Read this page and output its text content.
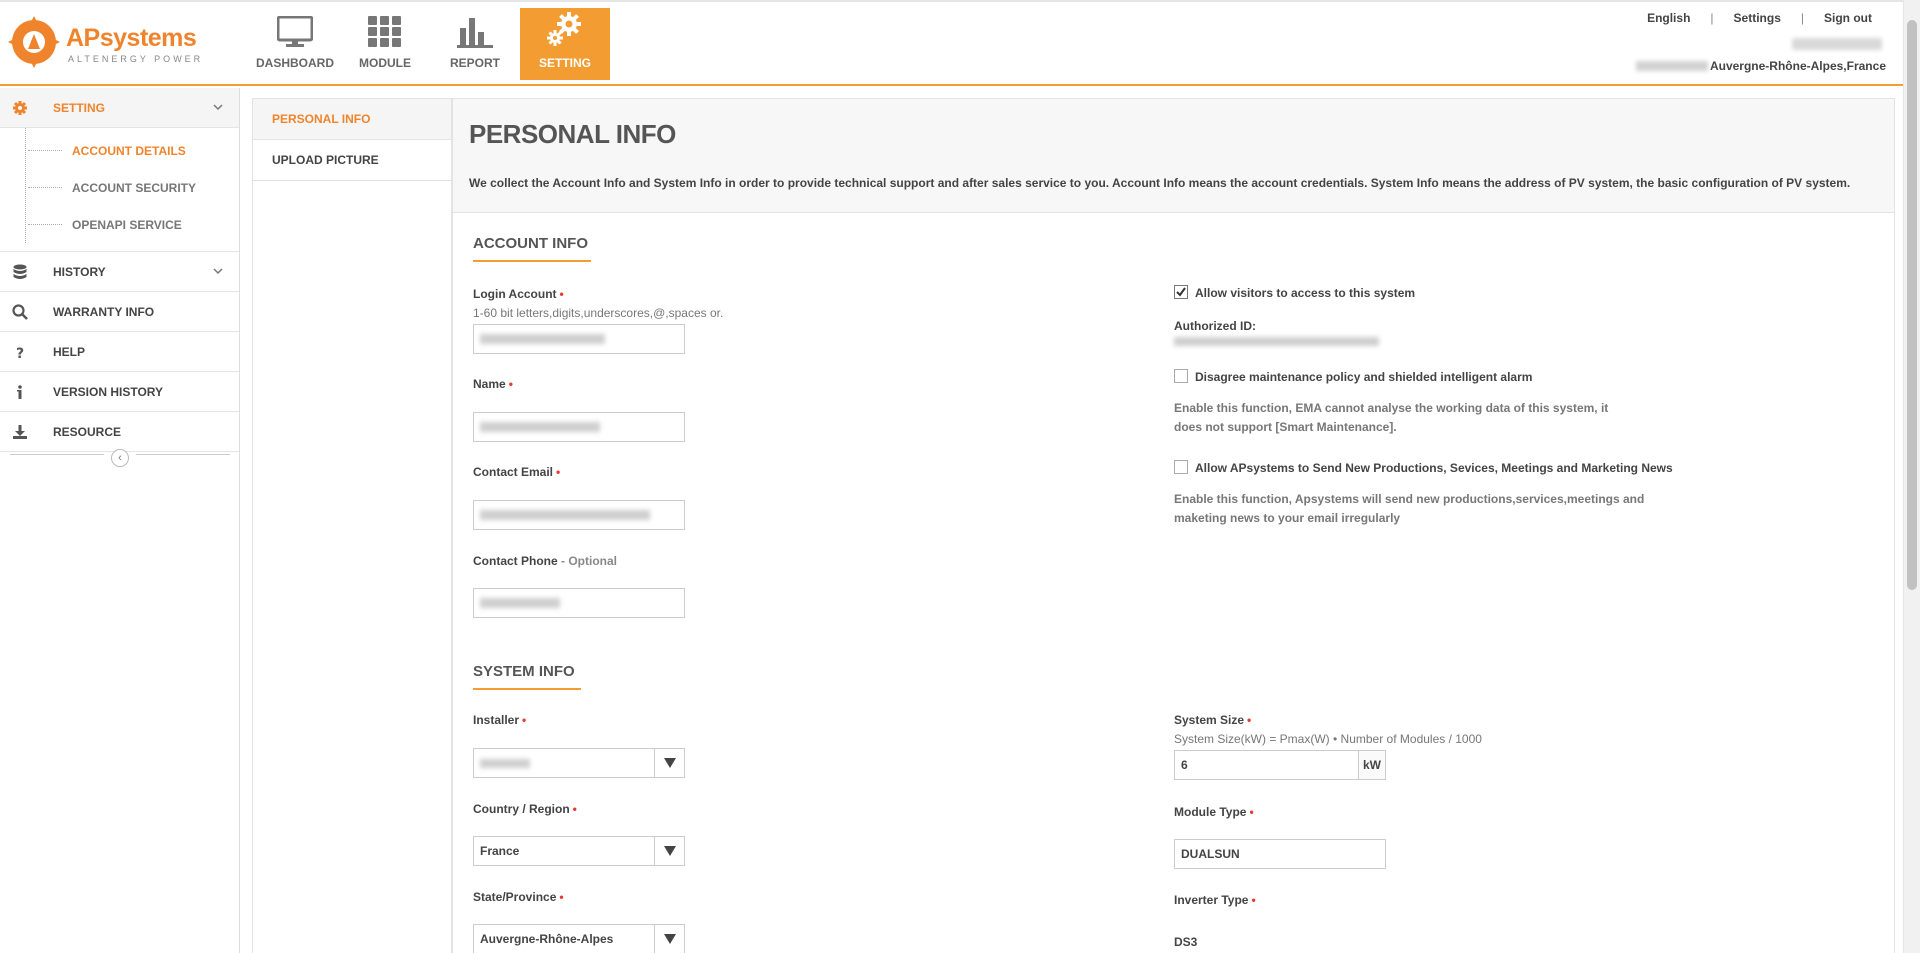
APsystems
ALTENERGY POWER	DASHBOARD MODULE	REPORT	SETTING
English | Settings | Sign out
Auvergne-Rhône-Alpes,France
SETTING
ACCOUNT DETAILS
ACCOUNT SECURITY
OPENAPI SERVICE
HISTORY
WARRANTY INFO
? HELP
VERSION HISTORY
RESOURCE
‹
PERSONAL INFO
UPLOAD PICTURE
PERSONAL INFO

We collect the Account Info and System Info in order to provide technical support and after sales service to you. Account Info means the account credentials. System Info means the address of PV system, the basic configuration of PV system.

ACCOUNT INFO
Login Account •
1-60 bit letters,digits,underscores,@,spaces or.
Name •
Contact Email •
Contact Phone - Optional
Allow visitors to access to this system
Authorized ID:
Disagree maintenance policy and shielded intelligent alarm
Enable this function, EMA cannot analyse the working data of this system, it
does not support [Smart Maintenance].
Allow APsystems to Send New Productions, Sevices, Meetings and Marketing News
Enable this function, Apsystems will send new productions,services,meetings and
maketing news to your email irregularly
SYSTEM INFO
Installer •
Country / Region •
France
State/Province •
Auvergne-Rhône-Alpes
System Size •
System Size(kW) = Pmax(W) • Number of Modules / 1000
6	kW
Module Type •
DUALSUN
Inverter Type •
DS3
